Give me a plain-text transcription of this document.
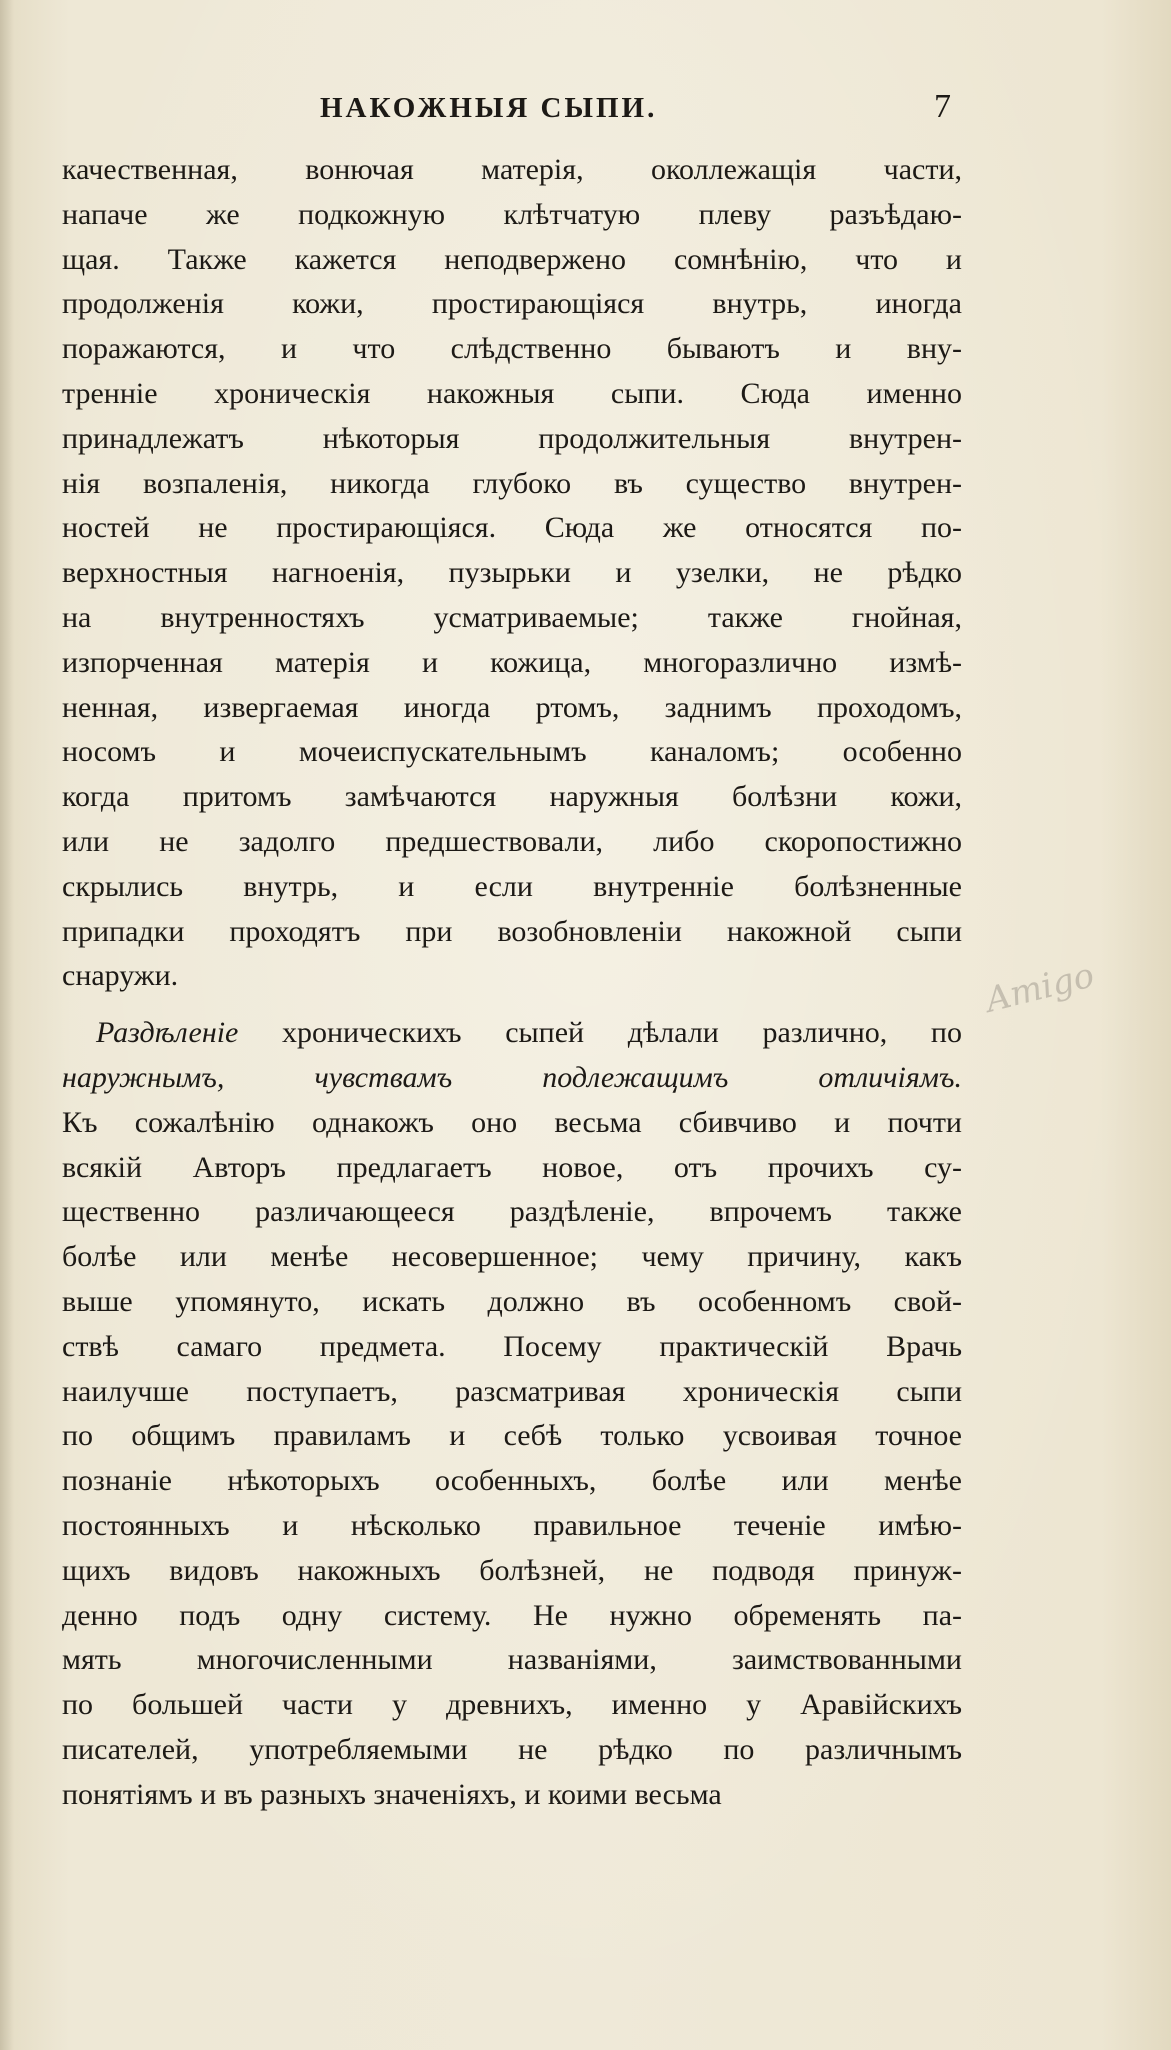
НАКОЖНЫЯ СЫПИ.	7
качественная, вонючая матерія, околлежащія части,
напаче же подкожную клѣтчатую плеву разъѣдаю-
щая. Также кажется неподвержено сомнѣнію, что и
продолженія кожи, простирающіяся внутрь, иногда
поражаются, и что слѣдственно бываютъ и вну-
тренніе хроническія накожныя сыпи. Сюда именно
принадлежатъ нѣкоторыя продолжительныя внутрен-
нія возпаленія, никогда глубоко въ существо внутрен-
ностей не простирающіяся. Сюда же относятся по-
верхностныя нагноенія, пузырьки и узелки, не рѣдко
на внутренностяхъ усматриваемые; также гнойная,
изпорченная матерія и кожица, многоразлично измѣ-
ненная, извергаемая иногда ртомъ, заднимъ проходомъ,
носомъ и мочеиспускательнымъ каналомъ; особенно
когда притомъ замѣчаются наружныя болѣзни кожи,
или не задолго предшествовали, либо скоропостижно
скрылись внутрь, и если внутренніе болѣзненные
припадки проходятъ при возобновленіи накожной сыпи
снаружи.
Раздѣленіе хроническихъ сыпей дѣлали различно, по
наружнымъ, чувствамъ подлежащимъ отличіямъ.
Къ сожалѣнію однакожъ оно весьма сбивчиво и почти
всякій Авторъ предлагаетъ новое, отъ прочихъ су-
щественно различающееся раздѣленіе, впрочемъ также
болѣе или менѣе несовершенное; чему причину, какъ
выше упомянуто, искать должно въ особенномъ свой-
ствѣ самаго предмета. Посему практическій Врачь
наилучше поступаетъ, разсматривая хроническія сыпи
по общимъ правиламъ и себѣ только усвоивая точное
познаніе нѣкоторыхъ особенныхъ, болѣе или менѣе
постоянныхъ и нѣсколько правильное теченіе имѣю-
щихъ видовъ накожныхъ болѣзней, не подводя принуж-
денно подъ одну систему. Не нужно обременять па-
мять многочисленными названіями, заимствованными
по большей части у древнихъ, именно у Аравійскихъ
писателей, употребляемыми не рѣдко по различнымъ
понятіямъ и въ разныхъ значеніяхъ, и коими весьма
Amigo
